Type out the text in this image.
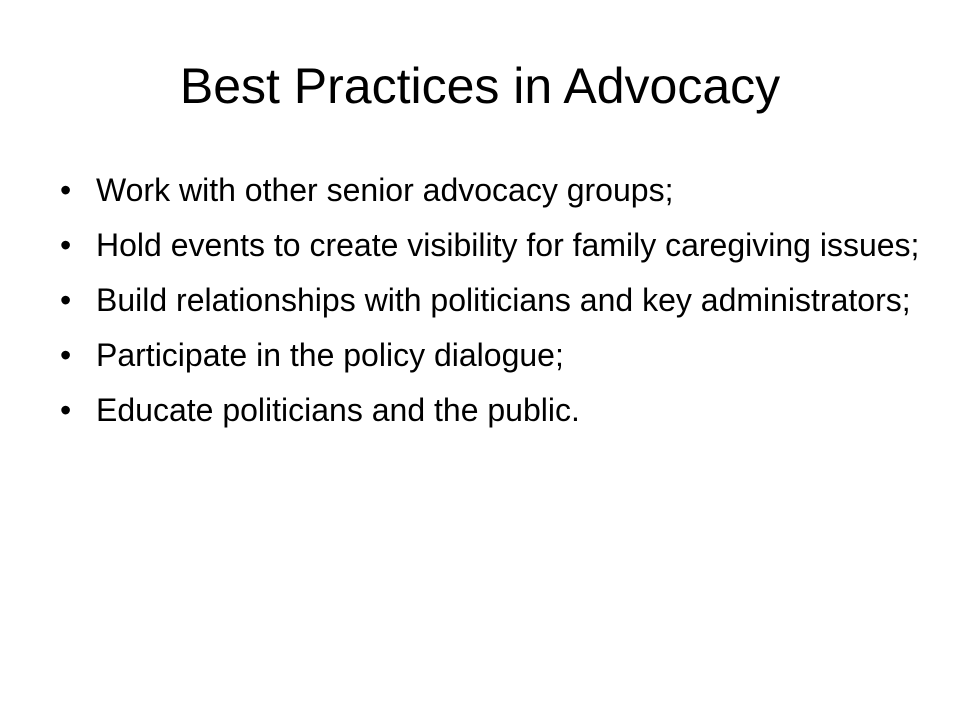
Best Practices in Advocacy
• Work with other senior advocacy groups;
• Hold events to create visibility for family caregiving issues;
• Build relationships with politicians and key administrators;
• Participate in the policy dialogue;
• Educate politicians and the public.
